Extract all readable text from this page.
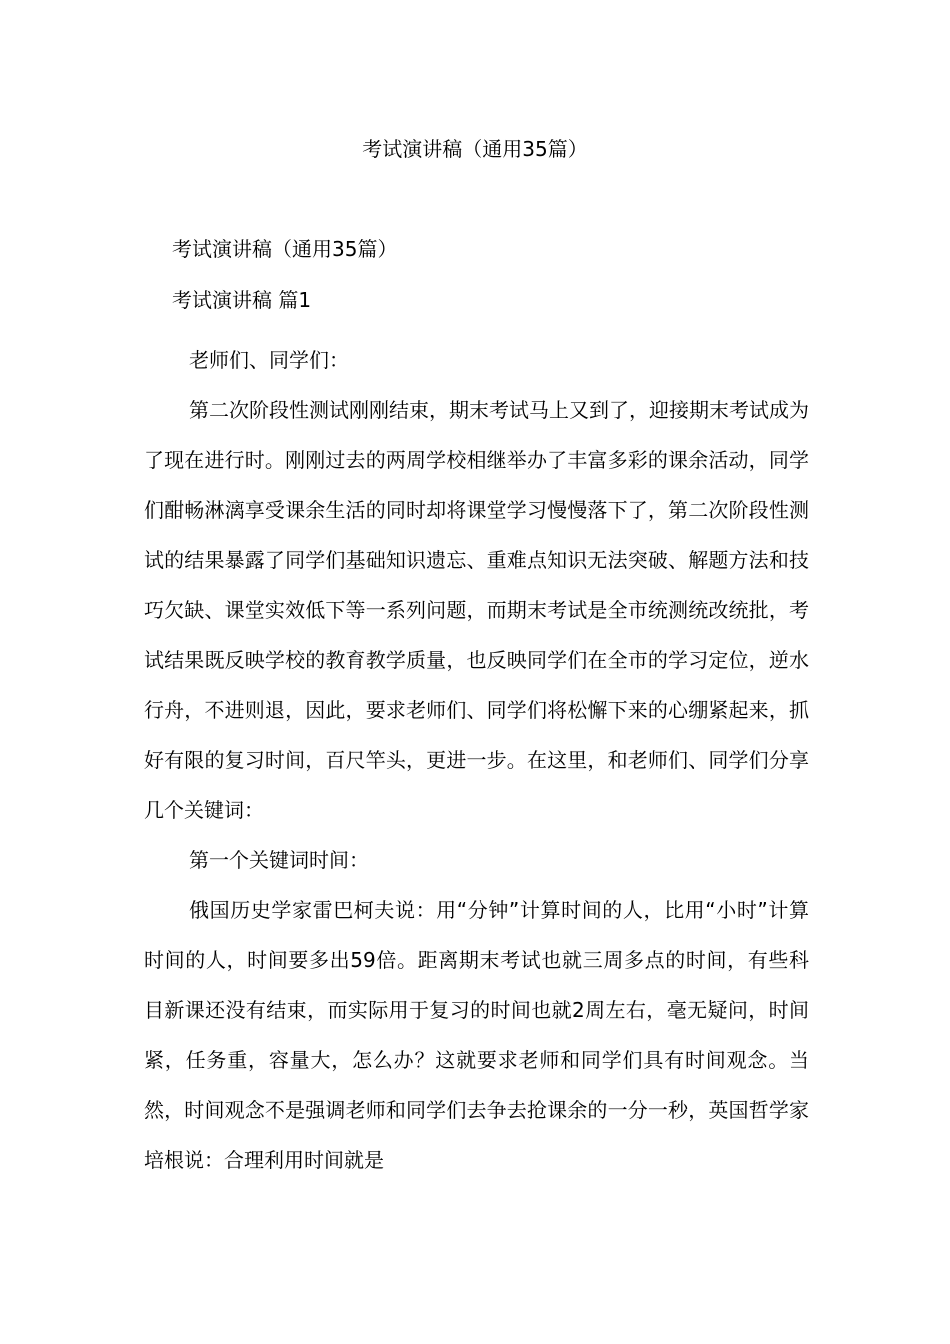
考试演讲稿（通用35篇）
考试演讲稿（通用35篇）
考试演讲稿 篇1

老师们、同学们：

第二次阶段性测试刚刚结束，期末考试马上又到了，迎接期末考试成为了现在进行时。刚刚过去的两周学校相继举办了丰富多彩的课余活动，同学们酣畅淋漓享受课余生活的同时却将课堂学习慢慢落下了，第二次阶段性测试的结果暴露了同学们基础知识遗忘、重难点知识无法突破、解题方法和技巧欠缺、课堂实效低下等一系列问题，而期末考试是全市统测统改统批，考试结果既反映学校的教育教学质量，也反映同学们在全市的学习定位，逆水行舟，不进则退，因此，要求老师们、同学们将松懈下来的心绷紧起来，抓好有限的复习时间，百尺竿头，更进一步。在这里，和老师们、同学们分享几个关键词：

第一个关键词时间：

俄国历史学家雷巴柯夫说：用“分钟”计算时间的人，比用“小时”计算时间的人，时间要多出59倍。距离期末考试也就三周多点的时间，有些科目新课还没有结束，而实际用于复习的时间也就2周左右，毫无疑问，时间紧，任务重，容量大，怎么办？这就要求老师和同学们具有时间观念。当然，时间观念不是强调老师和同学们去争去抢课余的一分一秒，英国哲学家培根说：合理利用时间就是
